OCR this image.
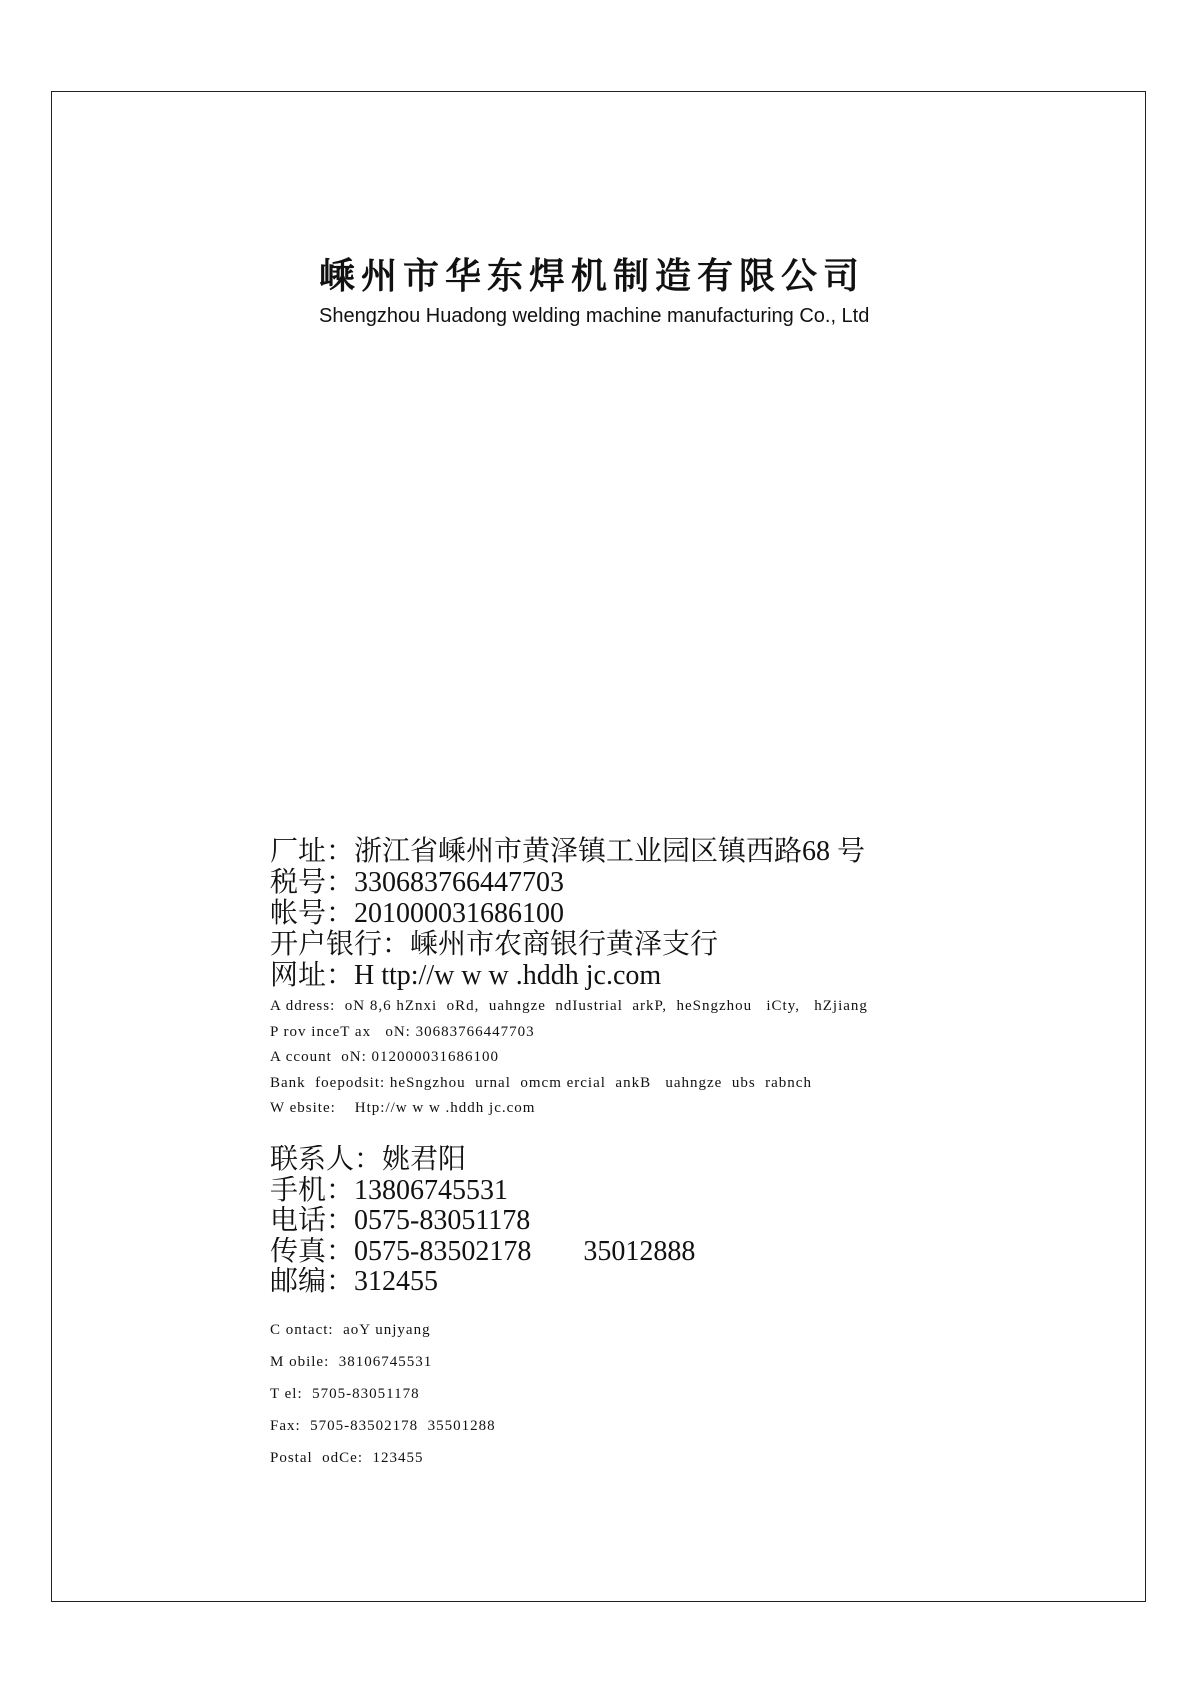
嵊州市华东焊机制造有限公司
Shengzhou Huadong welding machine manufacturing Co., Ltd
厂址：浙江省嵊州市黄泽镇工业园区镇西路68 号
税号：330683766447703
帐号：201000031686100
开户银行：嵊州市农商银行黄泽支行
网址：H ttp://w w w .hddh jc.com
A ddress:  oN 8,6 hZnxi  oRd,  uahngze  ndIustrial  arkP,  heSngzhou   iCty,   hZjiang
P rov inceT ax   oN: 30683766447703
A ccount  oN: 012000031686100
Bank  foepodsit: heSngzhou  urnal  omcm ercial  ankB   uahngze  ubs  rabnch
W ebsite:    Htp://w w w .hddh jc.com
联系人：姚君阳
手机：13806745531
电话：0575-83051178
传真：0575-83502178 35012888
邮编：312455
C ontact:  aoY unjyang
M obile:  38106745531
T el:  5705-83051178
Fax:  5705-83502178  35501288
Postal  odCe:  123455
